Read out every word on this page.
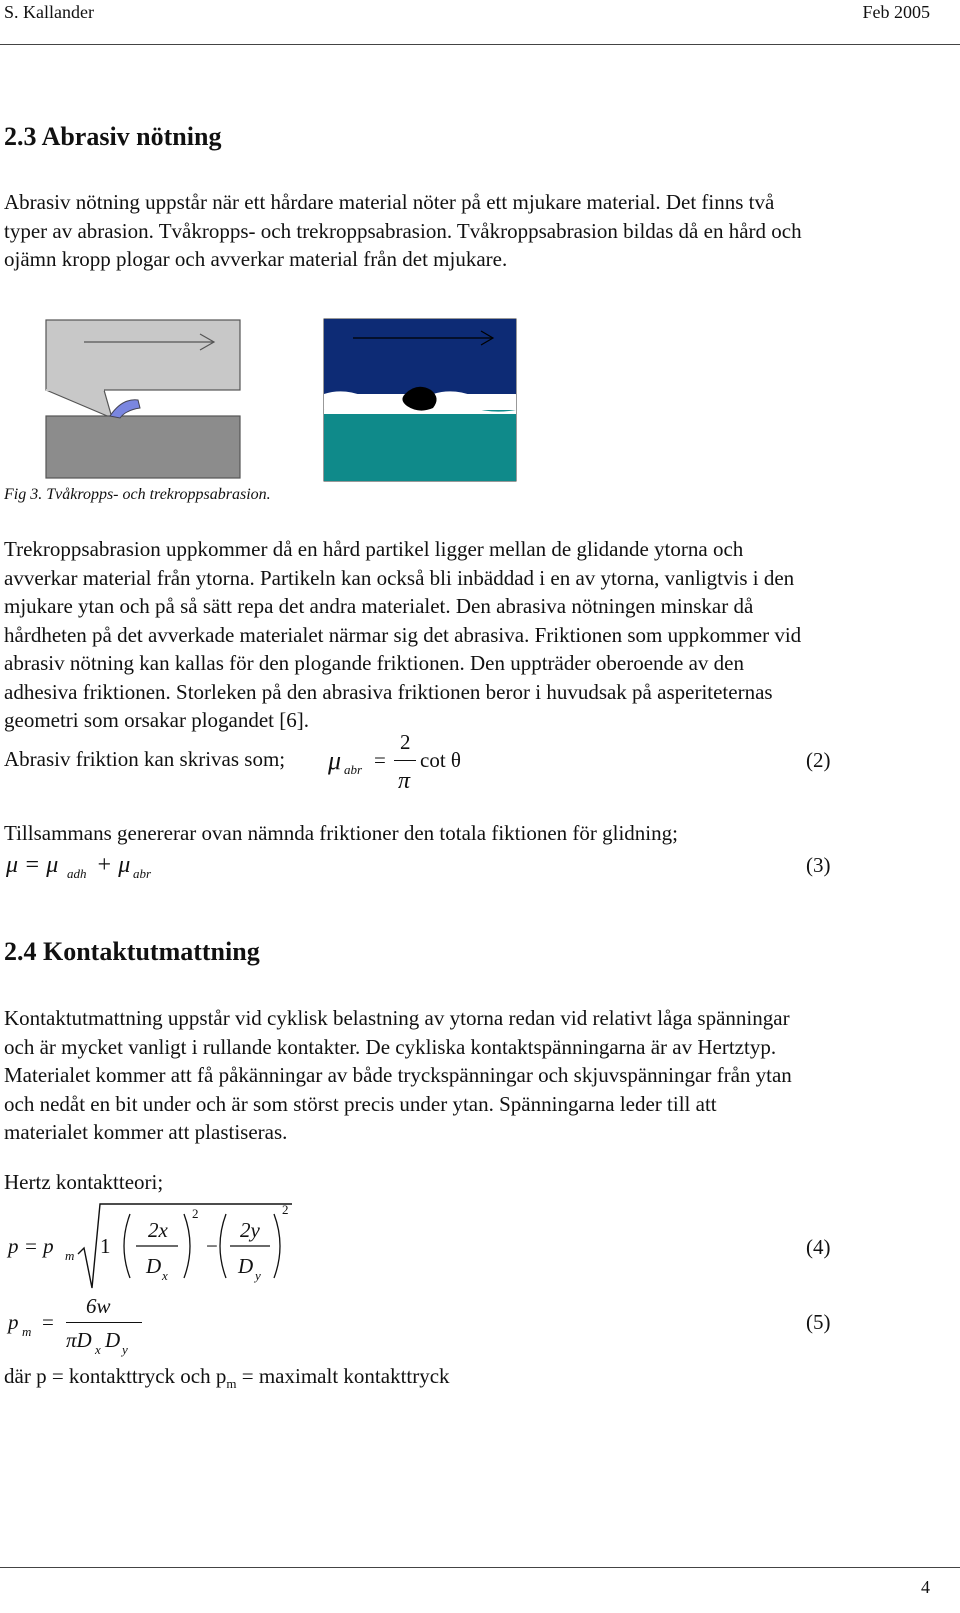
S. Kallander	Feb 2005
2.3 Abrasiv nötning
Abrasiv nötning uppstår när ett hårdare material nöter på ett mjukare material. Det finns två
typer av abrasion. Tvåkropps- och trekroppsabrasion. Tvåkroppsabrasion bildas då en hård och
ojämn kropp plogar och avverkar material från det mjukare.
Fig 3. Tvåkropps- och trekroppsabrasion.
Trekroppsabrasion uppkommer då en hård partikel ligger mellan de glidande ytorna och
avverkar material från ytorna. Partikeln kan också bli inbäddad i en av ytorna, vanligtvis i den
mjukare ytan och på så sätt repa det andra materialet. Den abrasiva nötningen minskar då
hårdheten på det avverkade materialet närmar sig det abrasiva. Friktionen som uppkommer vid
abrasiv nötning kan kallas för den plogande friktionen. Den uppträder oberoende av den
adhesiva friktionen. Storleken på den abrasiva friktionen beror i huvudsak på asperiteternas
geometri som orsakar plogandet [6].
Abrasiv friktion kan skrivas som; μ abr =
2
π
cot θ	(2)
Tillsammans genererar ovan nämnda friktioner den totala fiktionen för glidning;
μ = μ adh + μ abr	(3)
2.4 Kontaktutmattning
Kontaktutmattning uppstår vid cyklisk belastning av ytorna redan vid relativt låga spänningar
och är mycket vanligt i rullande kontakter. De cykliska kontaktspänningarna är av Hertztyp.
Materialet kommer att få påkänningar av både tryckspänningar och skjuvspänningar från ytan
och nedåt en bit under och är som störst precis under ytan. Spänningarna leder till att
materialet kommer att plastiseras.
Hertz kontaktteori;
p = p m 1
2x
D x
2
−
2y
D y
2
(4)
p m =
6w
πD x D y
(5)
där p = kontakttryck och $p_m$ = maximalt kontakttryck
4
